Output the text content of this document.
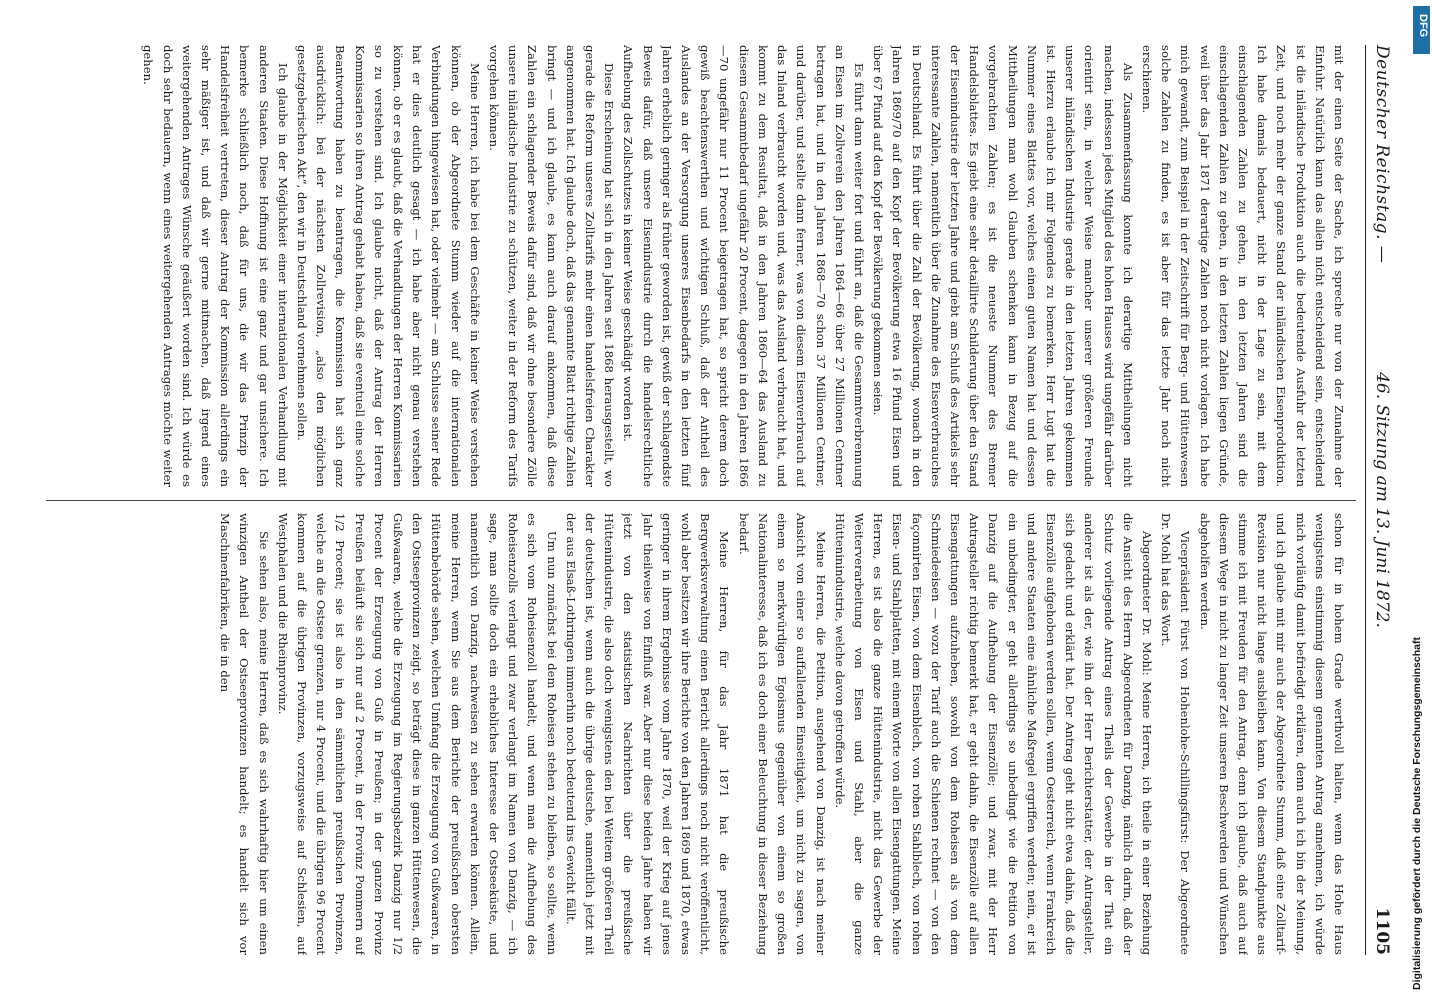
Deutscher Reichstag. —
46. Sitzung am 13. Juni 1872.
1105

mit der einen Seite der Sache, ich spreche nur von der Zunahme der Einfuhr. Natürlich kann das allein nicht entscheidend sein, entscheidend ist die inländische Produktion auch die bedeutende Ausfuhr der letzten Zeit, und noch mehr der ganze Stand der inländischen Eisenproduktion. Ich habe damals bedauert, nicht in der Lage zu sein, mit dem einschlagenden Zahlen zu gehen, in den letzten Jahren sind die einschlagenden Zahlen zu geben, in den letzten Zahlen liegen Gründe, weil über das Jahr 1871 derartige Zahlen noch nicht vorlagen. Ich habe mich gewandt, zum Beispiel in der Zeitschrift für Berg- und Hüttenwesen solche Zahlen zu finden, es ist aber für das letzte Jahr noch nicht erschienen.

Als Zusammenfassung konnte ich derartige Mittheilungen nicht machen, indessen jedes Mitglied des hohen Hauses wird ungefähr darüber orientirt sein, in welcher Weise mancher unserer größeren Freunde unserer inländischen Industrie gerade in den letzten Jahren gekommen ist. Hierzu erlaube ich mir Folgendes zu bemerken. Herr Lugt hat die Nummer eines Blattes vor, welches einen guten Namen hat und dessen Mittheilungen man wohl Glauben schenken kann in Bezug auf die vorgebrachten Zahlen; es ist die neueste Nummer des Bremer Handelsblattes. Es giebt eine sehr detaillirte Schilderung über den Stand der Eisenindustrie der letzten Jahre und giebt am Schluß des Artikels sehr interessante Zahlen, namentlich über die Zunahme des Eisenverbrauches in Deutschland. Es führt über die Zahl der Bevölkerung, wonach in den Jahren 1869/70 auf den Kopf der Bevölkerung etwa 16 Pfund Eisen und über 67 Pfund auf den Kopf der Bevölkerung gekommen seien.

Es führt dann weiter fort und führt an, daß die Gesammtverbrennung an Eisen im Zollverein den Jahren 1864—66 über 27 Millionen Centner betragen hat, und in den Jahren 1868—70 schon 37 Millionen Centner, und darüber, und stellte dann ferner, was von diesem Eisenverbrauch auf das Inland verbraucht worden und, was das Ausland verbraucht hat, und kommt zu dem Resultat, daß in den Jahren 1860—64 das Ausland zu diesem Gesammtbedarf ungefähr 20 Procent, dagegen in den Jahren 1866—70 ungefähr nur 11 Procent beigetragen hat, so spricht derem doch gewiß beachtenswerthen und wichtigen Schluß, daß der Antheil des Auslandes an der Versorgung unseres Eisenbedarfs in den letzten fünf Jahren erheblich geringer als früher geworden ist, gewiß der schlagendste Beweis dafür, daß unsere Eisenindustrie durch die handelsrechtliche Aufhebung des Zollschutzes in keiner Weise geschädigt worden ist.

Diese Erscheinung hat sich in den Jahren seit 1868 herausgestellt, wo gerade die Reform unseres Zolltarifs mehr einen handelsfreien Charakter angenommen hat. Ich glaube doch, daß das genannte Blatt richtige Zahlen bringt — und ich glaube, es kann auch darauf ankommen, daß diese Zahlen ein schlagender Beweis dafür sind, daß wir ohne besondere Zölle unsere inländische Industrie zu schützen, weiter in der Reform des Tarifs vorgehen können.

Meine Herren, ich habe bei dem Geschäfte in keiner Weise verstehen können, ob der Abgeordnete Stumm wieder auf die internationalen Verbindungen hingewiesen hat, oder vielmehr — am Schlusse seiner Rede hat er dies deutlich gesagt — ich habe aber nicht genau verstehen können, ob er es glaubt, daß die Verhandlungen der Herren Kommissarien so zu verstehen sind. Ich glaube nicht, daß der Antrag der Herren Kommissarien so ihren Antrag gehabt haben, daß sie eventuell eine solche Beantwortung haben zu beantragen, die Kommission hat sich ganz ausdrücklich: bei der nächsten Zollrevision, „also den möglichen gesetzgeberischen Akt“, den wir in Deutschland vornehmen sollen.

Ich glaube in der Möglichkeit einer internationalen Verhandlung mit anderen Staaten. Diese Hoffnung ist eine ganz und gar unsichere. Ich bemerke schließlich noch, daß für uns, die wir das Prinzip der Handelsfreiheit vertreten, dieser Antrag der Kommission allerdings ein sehr mäßiger ist, und daß wir gerne mitmachen, daß irgend eines weitergehenden Antrages Wünsche geäußert worden sind. Ich würde es doch sehr bedauern, wenn eines weitergehenden Antrages möchte weiter gehen.

schon für in hohem Grade werthvoll halten, wenn das Hohe Haus wenigstens einstimmig diesem genannten Antrag annehmen, ich würde mich vorläufig damit befriedigt erklären, denn auch ich bin der Meinung, und ich glaube mit mir auch der Abgeordnete Stumm, daß eine Zolltarif-Revision nur nicht lange ausbleiben kann. Von diesem Standpunkte aus stimme ich mit Freuden für den Antrag, denn ich glaube, daß auch auf diesem Wege in nicht zu langer Zeit unseren Beschwerden und Wünschen abgeholfen werden.

Vicepräsident Fürst von Hohenlohe-Schillingsfürst: Der Abgeordnete Dr. Mohl hat das Wort.

Abgeordneter Dr. Mohl: Meine Herren, ich theile in einer Beziehung die Ansicht des Herrn Abgeordneten für Danzig, nämlich darin, daß der Schutz vorliegende Antrag eines Theils der Gewerbe in der That ein anderer ist als der, wie ihn der Herr Berichterstatter, der Antragsteller, sich gedacht und erklärt hat. Der Antrag geht nicht etwa dahin, daß die Eisenzölle aufgehoben werden sollen, wenn Oesterreich, wenn Frankreich und andere Staaten eine ähnliche Maßregel ergriffen werden; nein, er ist ein unbedingter, er geht allerdings so unbedingt wie die Petition von Danzig auf die Aufhebung der Eisenzölle; und zwar, mit der Herr Antragsteller richtig bemerkt hat, er geht dahin, die Eisenzölle auf allen Eisengattungen aufzuheben, sowohl von dem Roheisen als von dem Schmiedeeisen — wozu der Tarif auch die Schienen rechnet — von den façonnirten Eisen, von dem Eisenblech, von rohen Stahlblech, von rohen Eisen- und Stahlplatten, mit einem Worte von allen Eisengattungen. Meine Herren, es ist also die ganze Hüttenindustrie, nicht das Gewerbe der Weiterverarbeitung von Eisen und Stahl, aber die ganze Hütteninindustrie, welche davon getroffen würde.

Meine Herren, die Petition, ausgehend von Danzig, ist nach meiner Ansicht von einer so auffallenden Einseitigkeit, um nicht zu sagen, von einem so merkwürdigen Egoismus gegenüber von einem so großen Nationalinteresse, daß ich es doch einer Beleuchtung in dieser Beziehung bedarf.

Meine Herren, für das Jahr 1871 hat die preußische Bergwerksverwaltung einen Bericht allerdings noch nicht veröffentlicht, wohl aber besitzen wir ihre Berichte von den Jahren 1869 und 1870, etwas geringer in ihrem Ergebnisse vom Jahre 1870, weil der Krieg auf jenes Jahr theilweise von Einfluß war. Aber nur diese beiden Jahre haben wir jetzt von den statistischen Nachrichten über die preußische Hüttenindustrie, die also doch wenigstens den bei Weitem größeren Theil der deutschen ist, wenn auch die übrige deutsche, namentlich jetzt mit der aus Elsaß-Lothringen immerhin noch bedeutend ins Gewicht fällt.

Um nun zunächst bei dem Roheisen stehen zu bleiben, so sollte, wenn es sich vom Roheisenzoll handelt, und wenn man die Aufhebung des Roheisenzolls verlangt und zwar verlangt im Namen von Danzig, — ich sage, man sollte doch ein erhebliches Interesse der Ostseeküste, und namentlich von Danzig, nachweisen zu sehen erwarten können. Allein, meine Herren, wenn Sie aus dem Berichte der preußischen obersten Hüttenbehörde sehen, welchen Umfang die Erzeugung von Gußwaaren, in den Ostseeprovinzen zeigt, so beträgt diese in ganzen Hüttenwesen, die Gußwaaren, welche die Erzeugung im Regierungsbezirk Danzig nur 1/2 Procent der Erzeugung von Guß in Preußen; in der ganzen Provinz Preußen beläuft sie sich nur auf 2 Procent, in der Provinz Pommern auf 1/2 Procent; sie ist also in den sämmtlichen preußischen Provinzen, welche an die Ostsee grenzen, nur 4 Procent, und die übrigen 96 Procent kommen auf die übrigen Provinzen, vorzugsweise auf Schlesien, auf Westphalen und die Rheinprovinz.

Sie sehen also, meine Herren, daß es sich wahrhaftig hier um einen winzigen Antheil der Ostseeprovinzen handelt; es handelt sich vor Maschinenfabriken, die in den

Digitalisierung gefördert durch die Deutsche Forschungsgemeinschaft
DFG
